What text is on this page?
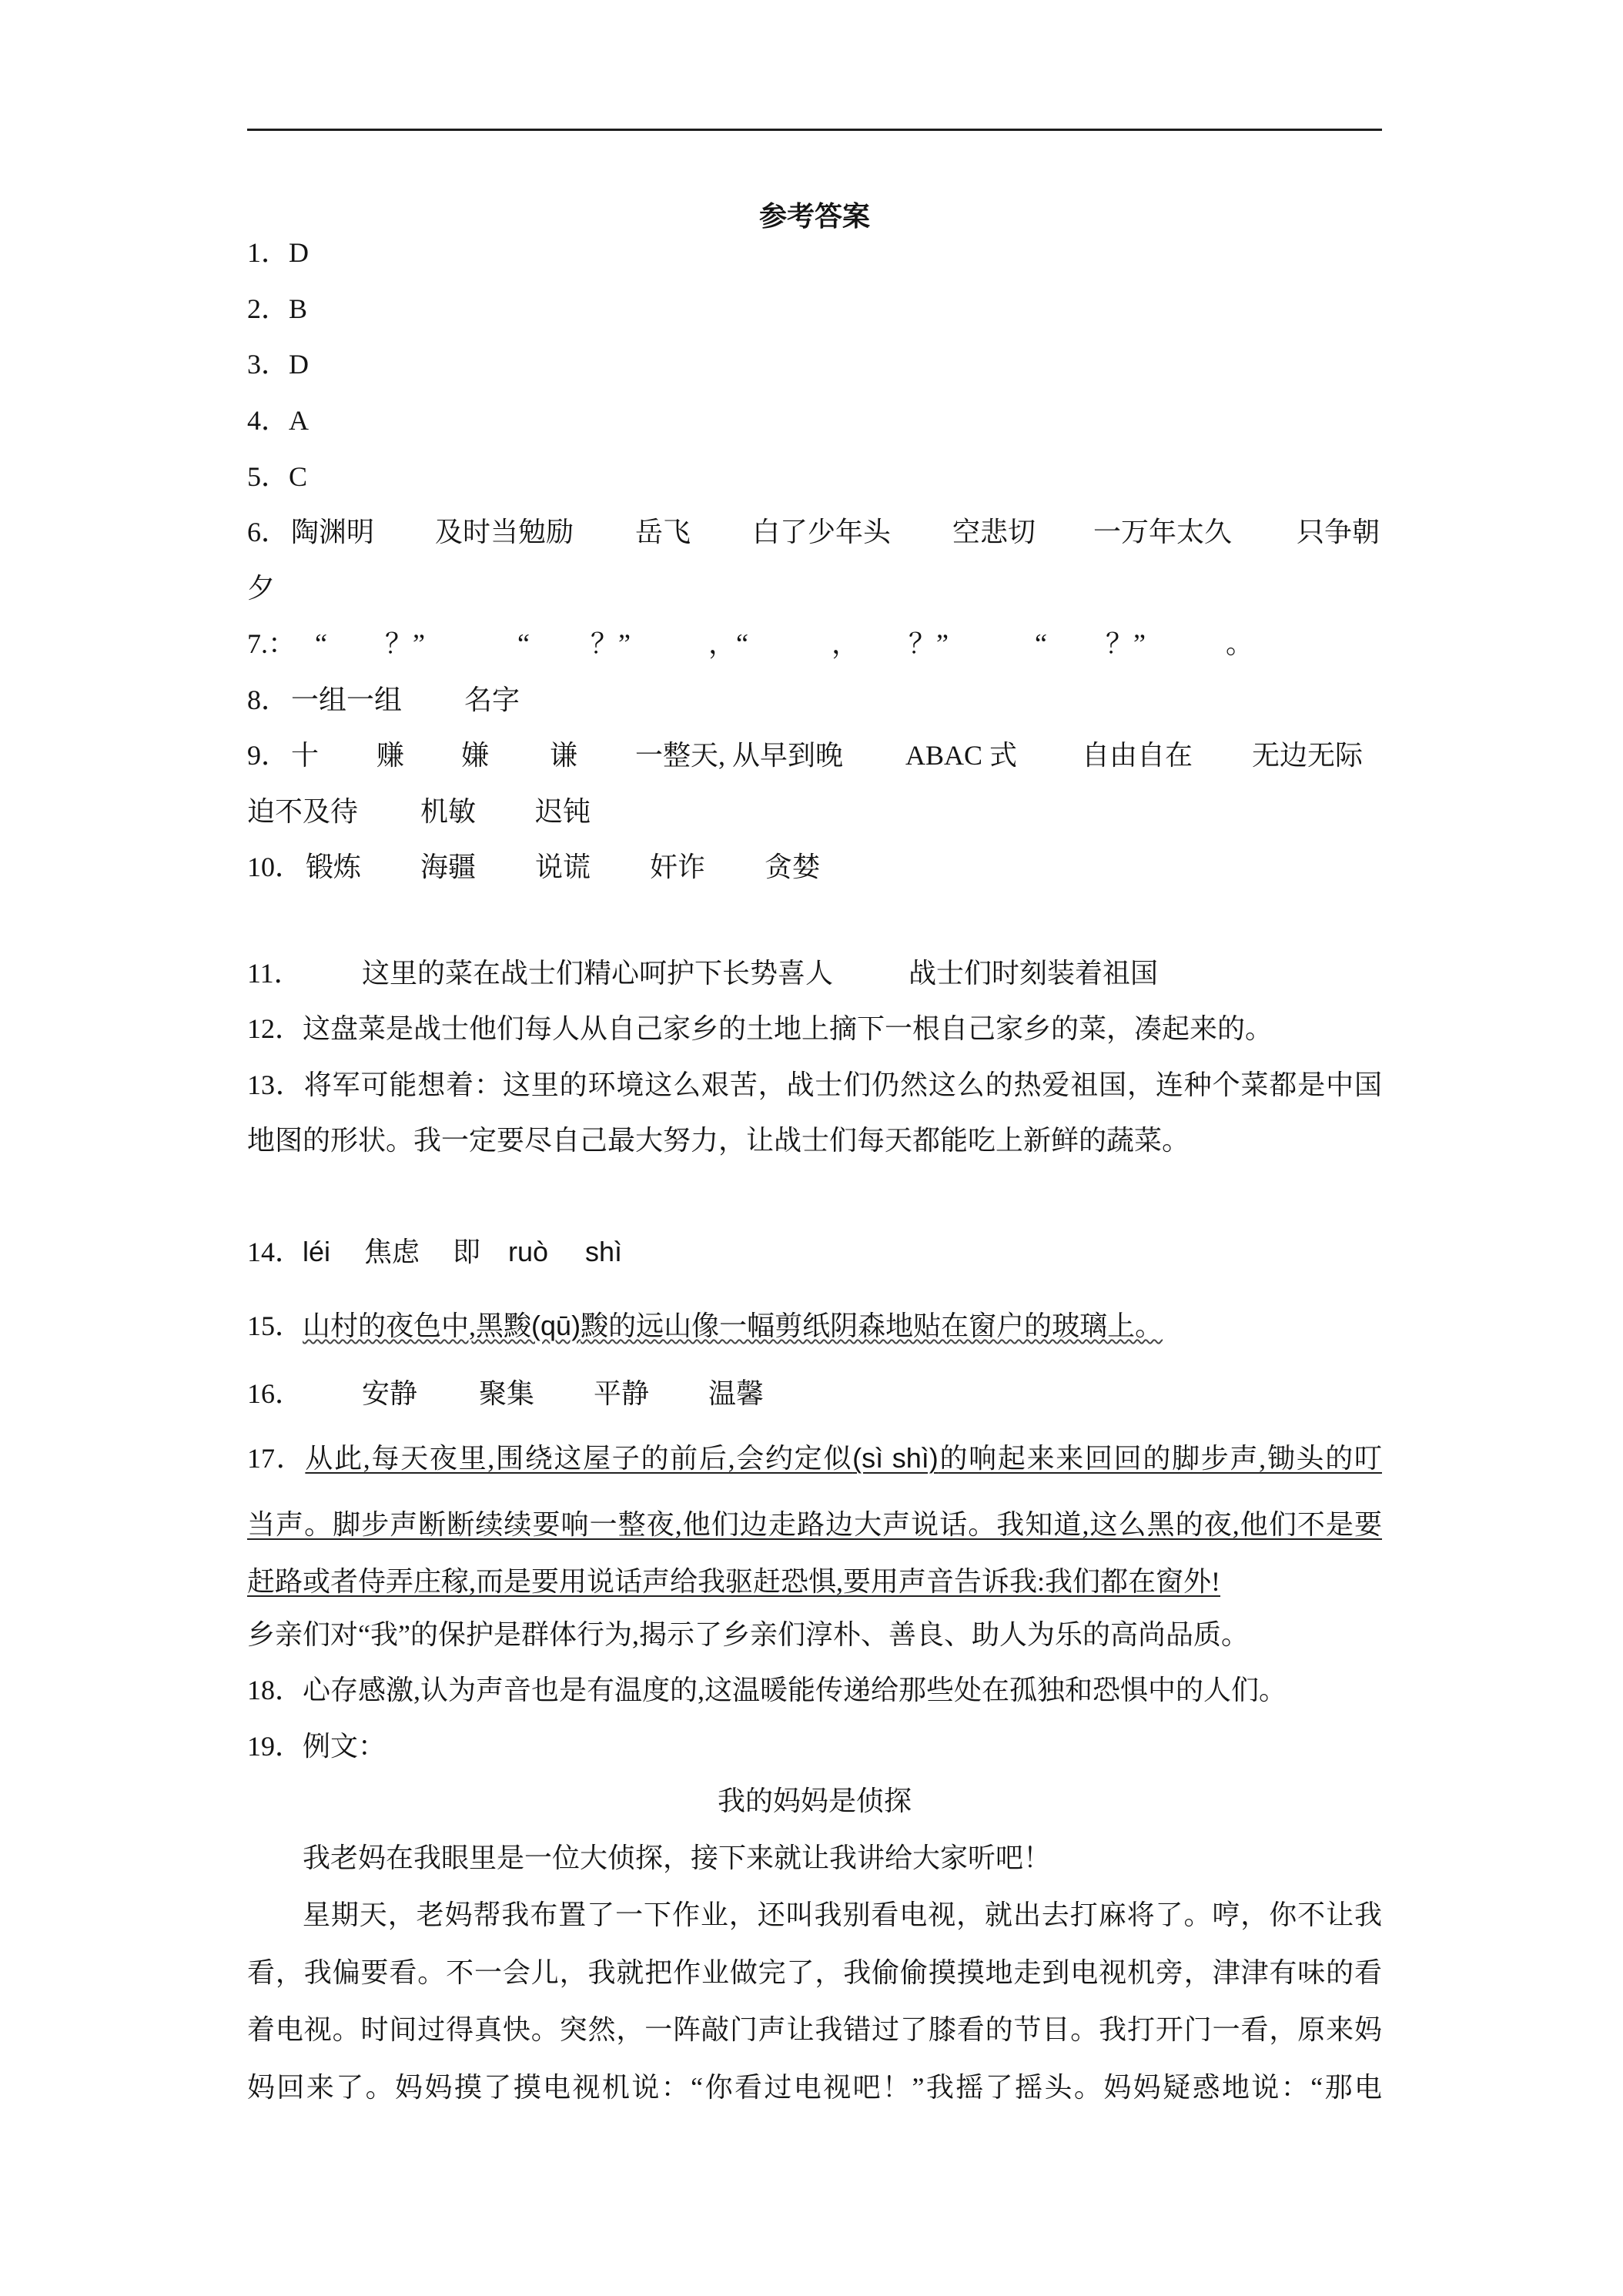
参考答案
1．D
2．B
3．D
4．A
5．C
6． 陶渊明 及时当勉励 岳飞 白了少年头 空悲切 一万年太久 只争朝
夕
7.： “ ？”	“ ？”	，“	， ？”	“ ？”	。
8． 一组一组 名字
9． 十 赚 嫌 谦 一整天, 从早到晚 ABAC 式 自由自在 无边无际
迫不及待 机敏 迟钝
10． 锻炼 海疆 说谎 奸诈 贪婪
11． 这里的菜在战士们精心呵护下长势喜人	战士们时刻装着祖国
12．这盘菜是战士他们每人从自己家乡的土地上摘下一根自己家乡的菜，凑起来的。
13．将军可能想着：这里的环境这么艰苦，战士们仍然这么的热爱祖国，连种个菜都是中国
地图的形状。我一定要尽自己最大努力，让战士们每天都能吃上新鲜的蔬菜。
14． léi 焦虑 即 ruò shì
15．山村的夜色中,黑黢(qū)黢的远山像一幅剪纸阴森地贴在窗户的玻璃上。
16． 安静 聚集 平静 温馨
17．从此,每天夜里,围绕这屋子的前后,会约定似(sì shì)的响起来来回回的脚步声,锄头的叮
当声。脚步声断断续续要响一整夜,他们边走路边大声说话。我知道,这么黑的夜,他们不是要
赶路或者侍弄庄稼,而是要用说话声给我驱赶恐惧,要用声音告诉我:我们都在窗外!
乡亲们对“我”的保护是群体行为,揭示了乡亲们淳朴、善良、助人为乐的高尚品质。
18．心存感激,认为声音也是有温度的,这温暖能传递给那些处在孤独和恐惧中的人们。
19．例文：
我的妈妈是侦探
我老妈在我眼里是一位大侦探，接下来就让我讲给大家听吧！
星期天，老妈帮我布置了一下作业，还叫我别看电视，就出去打麻将了。哼，你不让我
看，我偏要看。不一会儿，我就把作业做完了，我偷偷摸摸地走到电视机旁，津津有味的看
着电视。时间过得真快。突然，一阵敲门声让我错过了膝看的节目。我打开门一看，原来妈
妈回来了。妈妈摸了摸电视机说：“你看过电视吧！”我摇了摇头。妈妈疑惑地说：“那电
